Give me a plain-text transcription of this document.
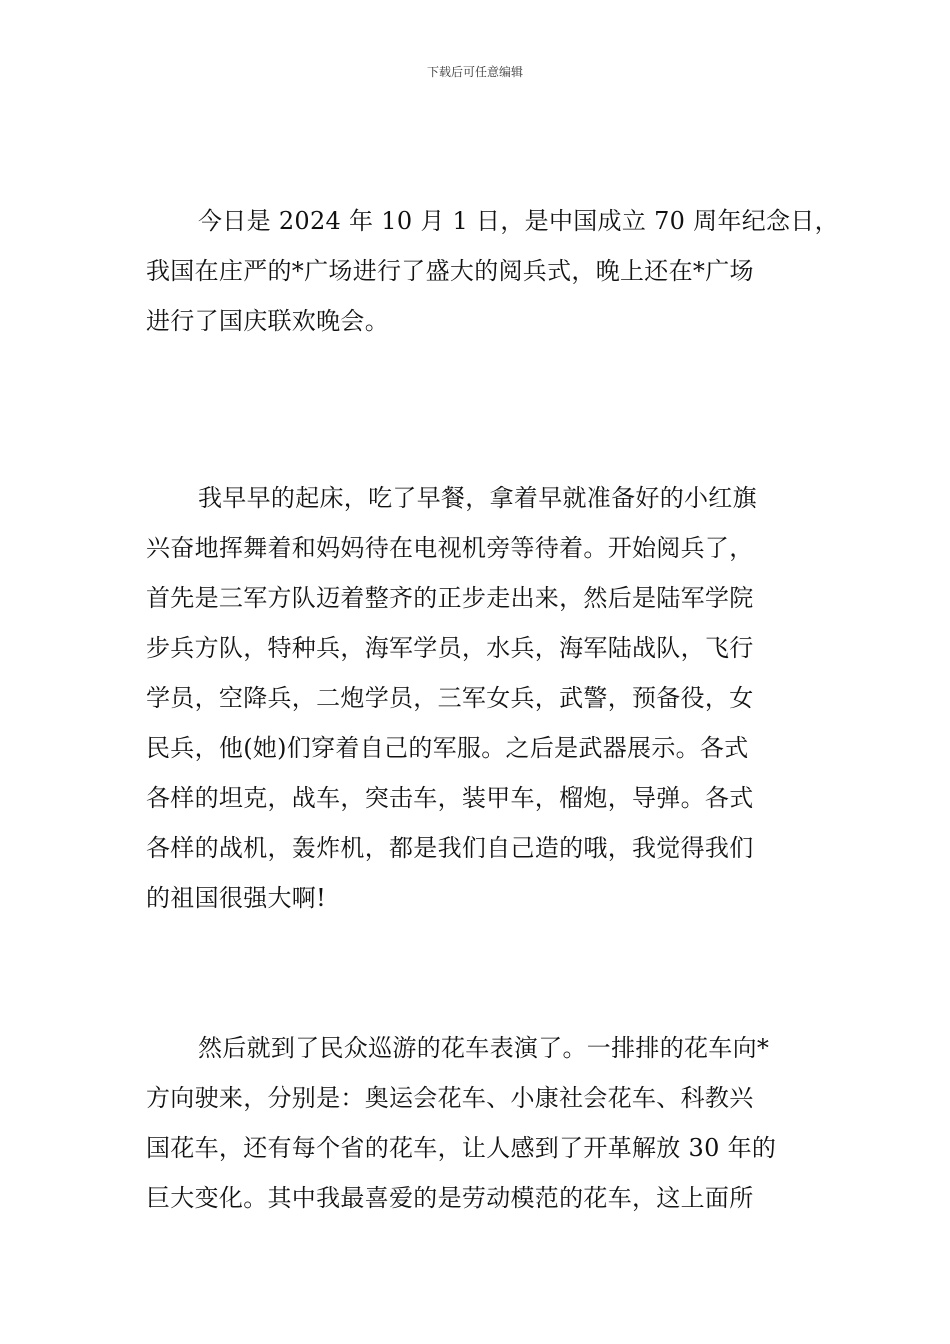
下载后可任意编辑
今日是 2024 年 10 月 1 日，是中国成立 70 周年纪念日，
我国在庄严的*广场进行了盛大的阅兵式，晚上还在*广场
进行了国庆联欢晚会。
我早早的起床，吃了早餐，拿着早就准备好的小红旗
兴奋地挥舞着和妈妈待在电视机旁等待着。开始阅兵了，
首先是三军方队迈着整齐的正步走出来，然后是陆军学院
步兵方队，特种兵，海军学员，水兵，海军陆战队，飞行
学员，空降兵，二炮学员，三军女兵，武警，预备役，女
民兵，他(她)们穿着自己的军服。之后是武器展示。各式
各样的坦克，战车，突击车，装甲车，榴炮，导弹。各式
各样的战机，轰炸机，都是我们自己造的哦，我觉得我们
的祖国很强大啊!
然后就到了民众巡游的花车表演了。一排排的花车向*
方向驶来，分别是：奥运会花车、小康社会花车、科教兴
国花车，还有每个省的花车，让人感到了开革解放 30 年的
巨大变化。其中我最喜爱的是劳动模范的花车，这上面所
